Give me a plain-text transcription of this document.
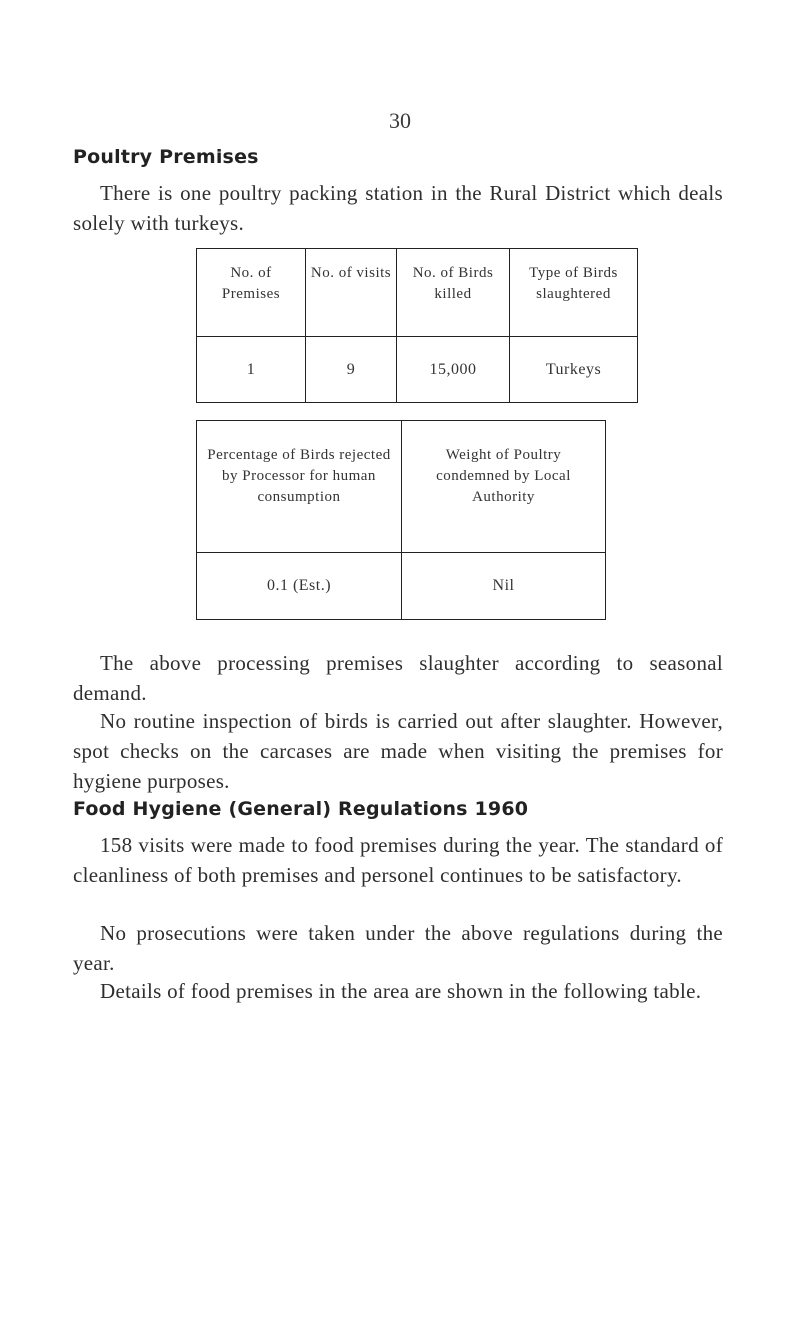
30
Poultry Premises
There is one poultry packing station in the Rural District which deals solely with turkeys.
No. of Premises	No. of visits	No. of Birds killed	Type of Birds slaughtered
1	9	15,000	Turkeys
Percentage of Birds rejected by Processor for human consumption	Weight of Poultry condemned by Local Authority
0.1 (Est.)	Nil
The above processing premises slaughter according to seasonal demand.
No routine inspection of birds is carried out after slaughter. However, spot checks on the carcases are made when visiting the premises for hygiene purposes.
Food Hygiene (General) Regulations 1960
158 visits were made to food premises during the year. The standard of cleanliness of both premises and personel continues to be satisfactory.
No prosecutions were taken under the above regulations during the year.
Details of food premises in the area are shown in the following table.
